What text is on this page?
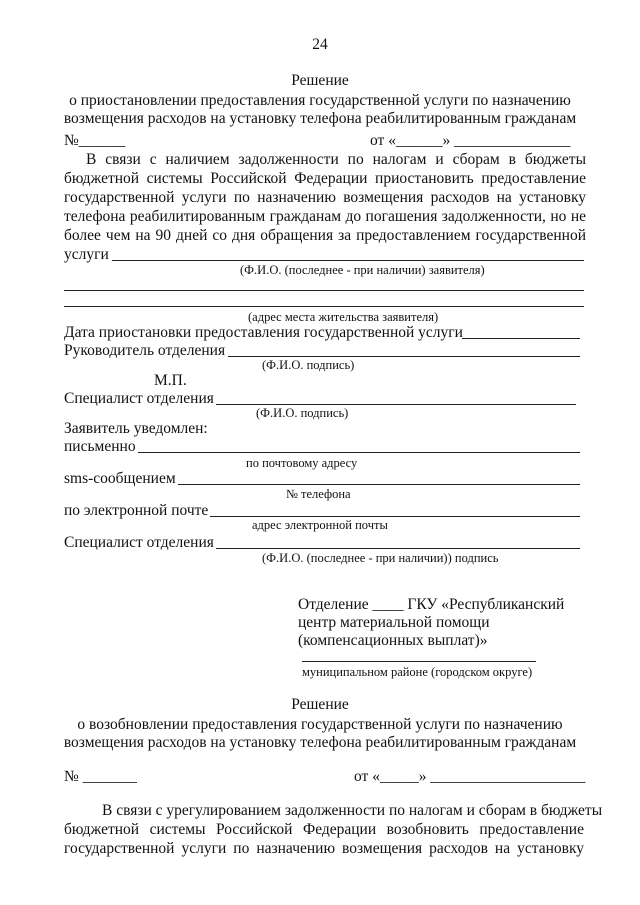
24
Решение
о приостановлении предоставления государственной услуги по назначению
возмещения расходов на установку телефона реабилитированным гражданам
№______	от «______» _______________
В связи с наличием задолженности по налогам и сборам в бюджеты
бюджетной системы Российской Федерации приостановить предоставление
государственной услуги по назначению возмещения расходов на установку
телефона реабилитированным гражданам до погашения задолженности, но не
более чем на 90 дней со дня обращения за предоставлением государственной
услуги
(Ф.И.О. (последнее - при наличии) заявителя)
(адрес места жительства заявителя)
Дата приостановки предоставления государственной услуги
Руководитель отделения
(Ф.И.О. подпись)
М.П.
Специалист отделения
(Ф.И.О. подпись)
Заявитель уведомлен:
письменно
по почтовому адресу
sms-сообщением
№ телефона
по электронной почте
адрес электронной почты
Специалист отделения
(Ф.И.О. (последнее - при наличии)) подпись
Отделение ____ ГКУ «Республиканский
центр материальной помощи
(компенсационных выплат)»
муниципальном районе (городском округе)
Решение
о возобновлении предоставления государственной услуги по назначению
возмещения расходов на установку телефона реабилитированным гражданам
№ _______	от «_____» ____________________
В связи с урегулированием задолженности по налогам и сборам в бюджеты
бюджетной системы Российской Федерации возобновить предоставление
государственной услуги по назначению возмещения расходов на установку
